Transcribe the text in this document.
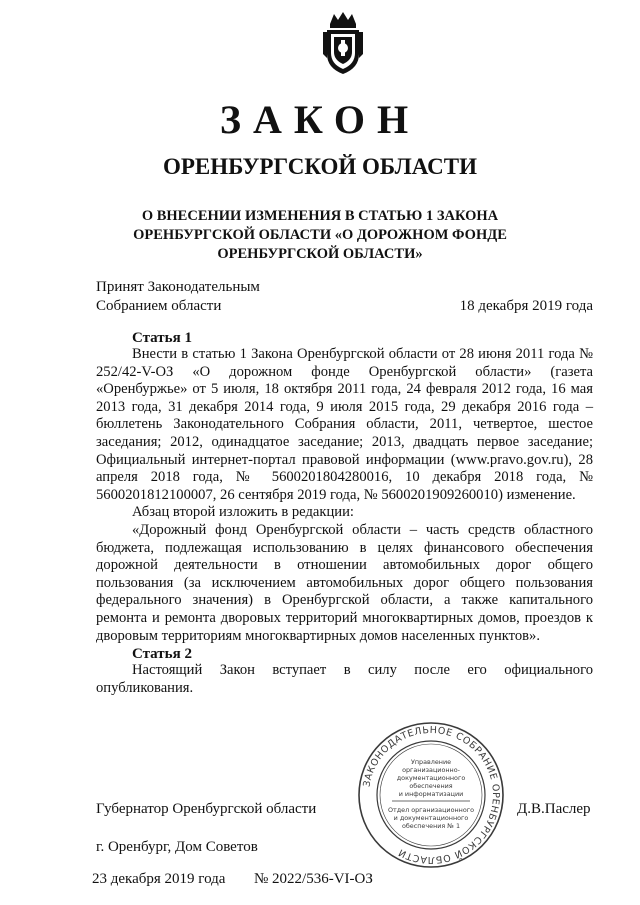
ЗАКОН
ОРЕНБУРГСКОЙ ОБЛАСТИ
О ВНЕСЕНИИ ИЗМЕНЕНИЯ В СТАТЬЮ 1 ЗАКОНА
ОРЕНБУРГСКОЙ ОБЛАСТИ «О ДОРОЖНОМ ФОНДЕ
ОРЕНБУРГСКОЙ ОБЛАСТИ»
Принят Законодательным
Собранием области	18 декабря 2019 года
Статья 1
Внести в статью 1 Закона Оренбургской области от 28 июня 2011 года № 252/42-V-ОЗ «О дорожном фонде Оренбургской области» (газета «Оренбуржье» от 5 июля, 18 октября 2011 года, 24 февраля 2012 года, 16 мая 2013 года, 31 декабря 2014 года, 9 июля 2015 года, 29 декабря 2016 года – бюллетень Законодательного Собрания области, 2011, четвертое, шестое заседания; 2012, одинадцатое заседание; 2013, двадцать первое заседание; Официальный интернет-портал правовой информации (www.pravo.gov.ru), 28 апреля 2018 года, № 5600201804280016, 10 декабря 2018 года, № 5600201812100007, 26 сентября 2019 года, № 5600201909260010) изменение.
Абзац второй изложить в редакции:
«Дорожный фонд Оренбургской области – часть средств областного бюджета, подлежащая использованию в целях финансового обеспечения дорожной деятельности в отношении автомобильных дорог общего пользования (за исключением автомобильных дорог общего пользования федерального значения) в Оренбургской области, а также капитального ремонта и ремонта дворовых территорий многоквартирных домов, проездов к дворовым территориям многоквартирных домов населенных пунктов».
Статья 2
Настоящий Закон вступает в силу после его официального опубликования.
ЗАКОНОДАТЕЛЬНОЕ СОБРАНИЕ ОРЕНБУРГСКОЙ ОБЛАСТИ
Управление
организационно-
документационного
обеспечения
и информатизации
Отдел организационного
и документационного
обеспечения № 1
Губернатор Оренбургской области	Д.В.Паслер
г. Оренбург, Дом Советов
23 декабря 2019 года № 2022/536-VI-ОЗ
